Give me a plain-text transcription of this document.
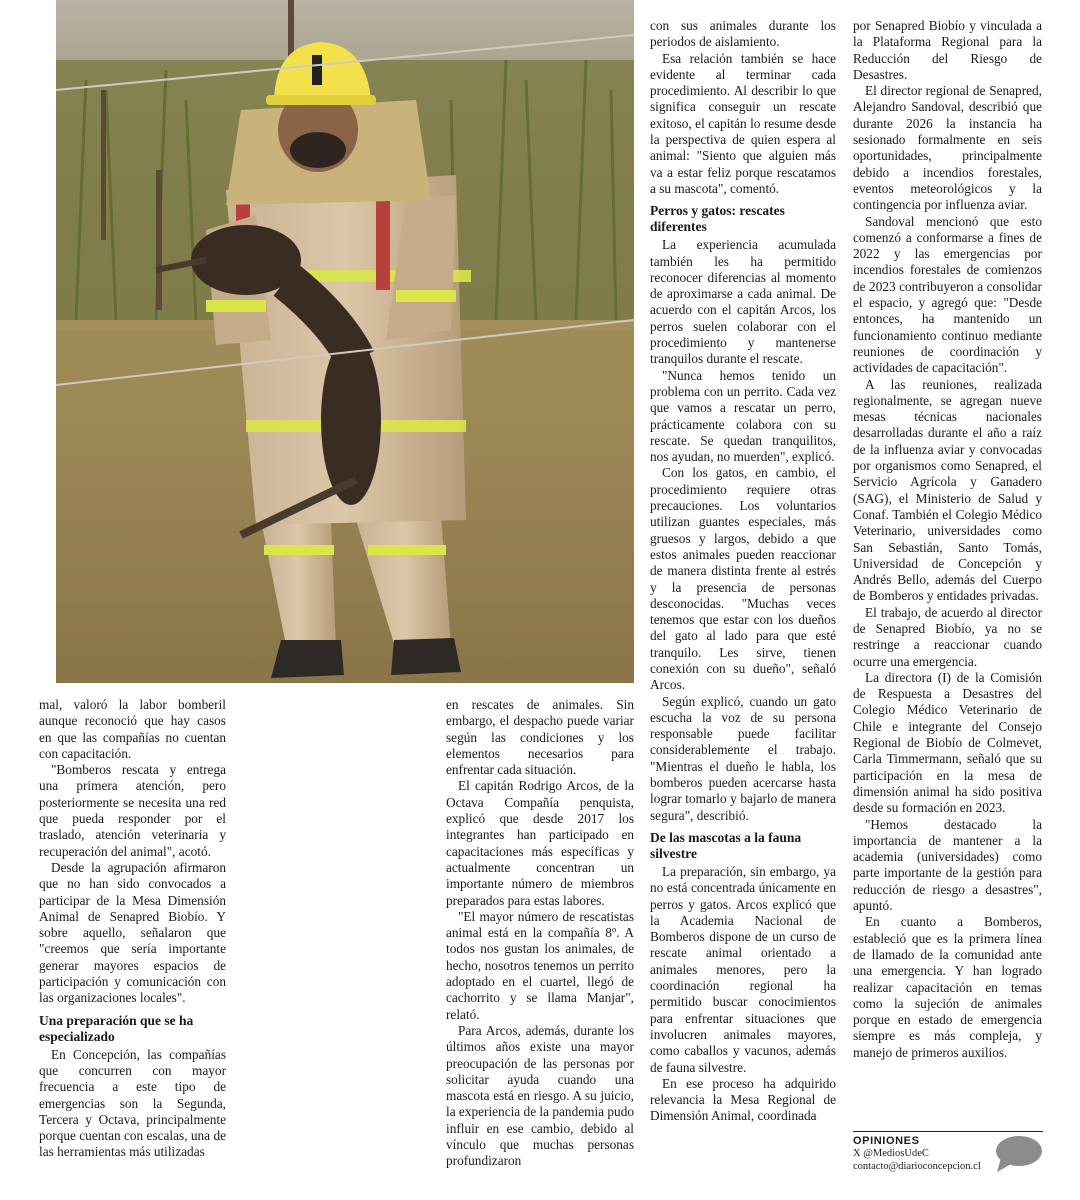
mal, valoró la labor bomberil aunque reconoció que hay casos en que las compañías no cuentan con capacitación.

"Bomberos rescata y entrega una primera atención, pero posteriormente se necesita una red que pueda responder por el traslado, atención veterinaria y recuperación del animal", acotó.

Desde la agrupación afirmaron que no han sido convocados a participar de la Mesa Dimensión Animal de Senapred Biobío. Y sobre aquello, señalaron que "creemos que sería importante generar mayores espacios de participación y comunicación con las organizaciones locales".

Una preparación que se ha especializado

En Concepción, las compañías que concurren con mayor frecuencia a este tipo de emergencias son la Segunda, Tercera y Octava, principalmente porque cuentan con escalas, una de las herramientas más utilizadas

en rescates de animales. Sin embargo, el despacho puede variar según las condiciones y los elementos necesarios para enfrentar cada situación.

El capitán Rodrigo Arcos, de la Octava Compañía penquista, explicó que desde 2017 los integrantes han participado en capacitaciones más específicas y actualmente concentran un importante número de miembros preparados para estas labores.

"El mayor número de rescatistas animal está en la compañía 8º. A todos nos gustan los animales, de hecho, nosotros tenemos un perrito adoptado en el cuartel, llegó de cachorrito y se llama Manjar", relató.

Para Arcos, además, durante los últimos años existe una mayor preocupación de las personas por solicitar ayuda cuando una mascota está en riesgo. A su juicio, la experiencia de la pandemia pudo influir en ese cambio, debido al vínculo que muchas personas profundizaron

con sus animales durante los periodos de aislamiento.

Esa relación también se hace evidente al terminar cada procedimiento. Al describir lo que significa conseguir un rescate exitoso, el capitán lo resume desde la perspectiva de quien espera al animal: "Siento que alguien más va a estar feliz porque rescatamos a su mascota", comentó.

Perros y gatos: rescates diferentes

La experiencia acumulada también les ha permitido reconocer diferencias al momento de aproximarse a cada animal. De acuerdo con el capitán Arcos, los perros suelen colaborar con el procedimiento y mantenerse tranquilos durante el rescate.

"Nunca hemos tenido un problema con un perrito. Cada vez que vamos a rescatar un perro, prácticamente colabora con su rescate. Se quedan tranquilitos, nos ayudan, no muerden", explicó.

Con los gatos, en cambio, el procedimiento requiere otras precauciones. Los voluntarios utilizan guantes especiales, más gruesos y largos, debido a que estos animales pueden reaccionar de manera distinta frente al estrés y la presencia de personas desconocidas. "Muchas veces tenemos que estar con los dueños del gato al lado para que esté tranquilo. Les sirve, tienen conexión con su dueño", señaló Arcos.

Según explicó, cuando un gato escucha la voz de su persona responsable puede facilitar considerablemente el trabajo. "Mientras el dueño le habla, los bomberos pueden acercarse hasta lograr tomarlo y bajarlo de manera segura", describió.

De las mascotas a la fauna silvestre

La preparación, sin embargo, ya no está concentrada únicamente en perros y gatos. Arcos explicó que la Academia Nacional de Bomberos dispone de un curso de rescate animal orientado a animales menores, pero la coordinación regional ha permitido buscar conocimientos para enfrentar situaciones que involucren animales mayores, como caballos y vacunos, además de fauna silvestre.

En ese proceso ha adquirido relevancia la Mesa Regional de Dimensión Animal, coordinada

por Senapred Biobío y vinculada a la Plataforma Regional para la Reducción del Riesgo de Desastres.

El director regional de Senapred, Alejandro Sandoval, describió que durante 2026 la instancia ha sesionado formalmente en seis oportunidades, principalmente debido a incendios forestales, eventos meteorológicos y la contingencia por influenza aviar.

Sandoval mencionó que esto comenzó a conformarse a fines de 2022 y las emergencias por incendios forestales de comienzos de 2023 contribuyeron a consolidar el espacio, y agregó que: "Desde entonces, ha mantenido un funcionamiento continuo mediante reuniones de coordinación y actividades de capacitación".

A las reuniones, realizada regionalmente, se agregan nueve mesas técnicas nacionales desarrolladas durante el año a raíz de la influenza aviar y convocadas por organismos como Senapred, el Servicio Agrícola y Ganadero (SAG), el Ministerio de Salud y Conaf. También el Colegio Médico Veterinario, universidades como San Sebastián, Santo Tomás, Universidad de Concepción y Andrés Bello, además del Cuerpo de Bomberos y entidades privadas.

El trabajo, de acuerdo al director de Senapred Biobío, ya no se restringe a reaccionar cuando ocurre una emergencia.

La directora (I) de la Comisión de Respuesta a Desastres del Colegio Médico Veterinario de Chile e integrante del Consejo Regional de Biobío de Colmevet, Carla Timmermann, señaló que su participación en la mesa de dimensión animal ha sido positiva desde su formación en 2023.

"Hemos destacado la importancia de mantener a la academia (universidades) como parte importante de la gestión para reducción de riesgo a desastres", apuntó.

En cuanto a Bomberos, estableció que es la primera línea de llamado de la comunidad ante una emergencia. Y han logrado realizar capacitación en temas como la sujeción de animales porque en estado de emergencia siempre es más compleja, y manejo de primeros auxilios.

OPINIONES
X @MediosUdeC
contacto@diarioconcepcion.cl
